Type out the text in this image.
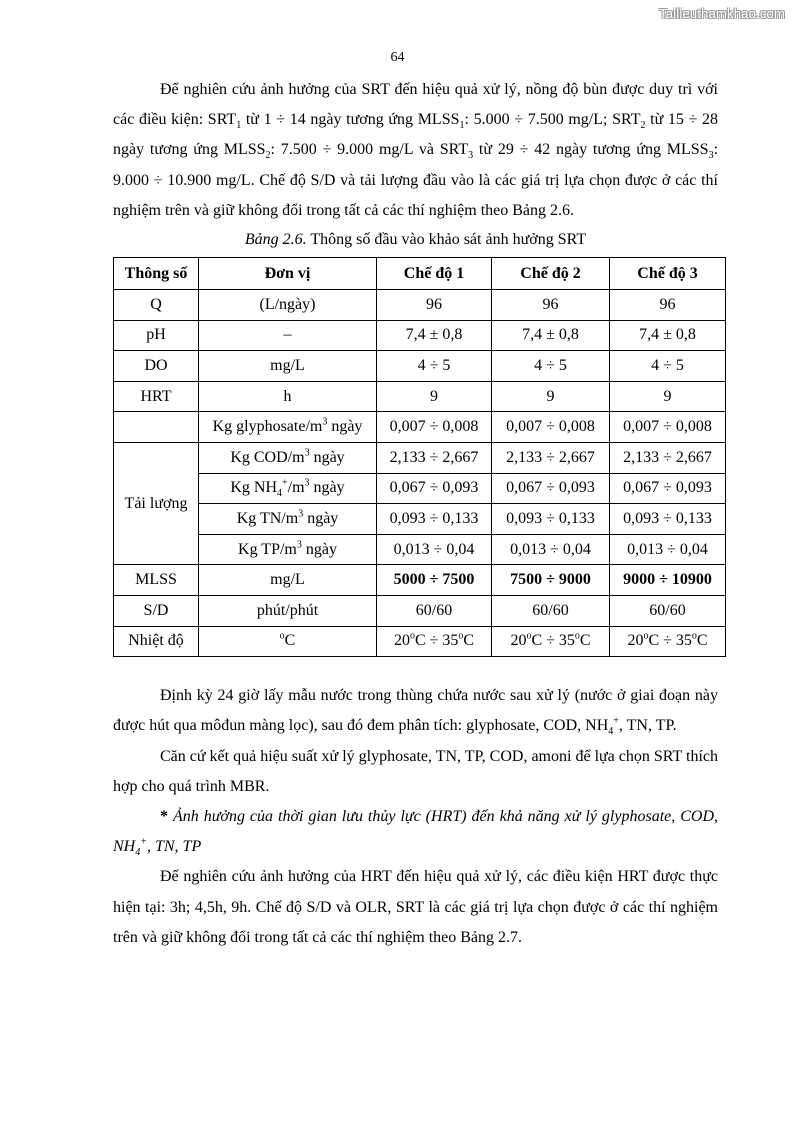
Tailieuthamkhao.com
64

Để nghiên cứu ảnh hưởng của SRT đến hiệu quả xử lý, nồng độ bùn được duy trì với các điều kiện: $SRT_1$ từ 1 ÷ 14 ngày tương ứng $MLSS_1$: 5.000 ÷ 7.500 mg/L; $SRT_2$ từ 15 ÷ 28 ngày tương ứng $MLSS_2$: 7.500 ÷ 9.000 mg/L và $SRT_3$ từ 29 ÷ 42 ngày tương ứng $MLSS_3$: 9.000 ÷ 10.900 mg/L. Chế độ S/D và tải lượng đầu vào là các giá trị lựa chọn được ở các thí nghiệm trên và giữ không đổi trong tất cả các thí nghiệm theo Bảng 2.6.

Bảng 2.6. Thông số đầu vào khảo sát ảnh hưởng SRT
Thông số	Đơn vị	Chế độ 1	Chế độ 2	Chế độ 3
Q	(L/ngày)	96	96	96
pH	–	7,4 ± 0,8	7,4 ± 0,8	7,4 ± 0,8
DO	mg/L	4 ÷ 5	4 ÷ 5	4 ÷ 5
HRT	h	9	9	9
	Kg glyphosate/$m^3$ ngày	0,007 ÷ 0,008	0,007 ÷ 0,008	0,007 ÷ 0,008
Tải lượng	Kg COD/$m^3$ ngày	2,133 ÷ 2,667	2,133 ÷ 2,667	2,133 ÷ 2,667
	Kg $NH_4^+/m^3$ ngày	0,067 ÷ 0,093	0,067 ÷ 0,093	0,067 ÷ 0,093
	Kg $TN/m^3$ ngày	0,093 ÷ 0,133	0,093 ÷ 0,133	0,093 ÷ 0,133
	Kg $TP/m^3$ ngày	0,013 ÷ 0,04	0,013 ÷ 0,04	0,013 ÷ 0,04
MLSS	mg/L	5000 ÷ 7500	7500 ÷ 9000	9000 ÷ 10900
S/D	phút/phút	60/60	60/60	60/60
Nhiệt độ	$^o$C	$20^oC \div 35^oC$	$20^oC \div 35^oC$	$20^oC \div 35^oC$

Định kỳ 24 giờ lấy mẫu nước trong thùng chứa nước sau xử lý (nước ở giai đoạn này được hút qua môđun màng lọc), sau đó đem phân tích: glyphosate, COD, $NH_4^+$, TN, TP.

Căn cứ kết quả hiệu suất xử lý glyphosate, TN, TP, COD, amoni để lựa chọn SRT thích hợp cho quá trình MBR.

* Ảnh hưởng của thời gian lưu thủy lực (HRT) đến khả năng xử lý glyphosate, COD, $NH_4^+$, TN, TP

Để nghiên cứu ảnh hưởng của HRT đến hiệu quả xử lý, các điều kiện HRT được thực hiện tại: 3h; 4,5h, 9h. Chế độ S/D và OLR, SRT là các giá trị lựa chọn được ở các thí nghiệm trên và giữ không đổi trong tất cả các thí nghiệm theo Bảng 2.7.
